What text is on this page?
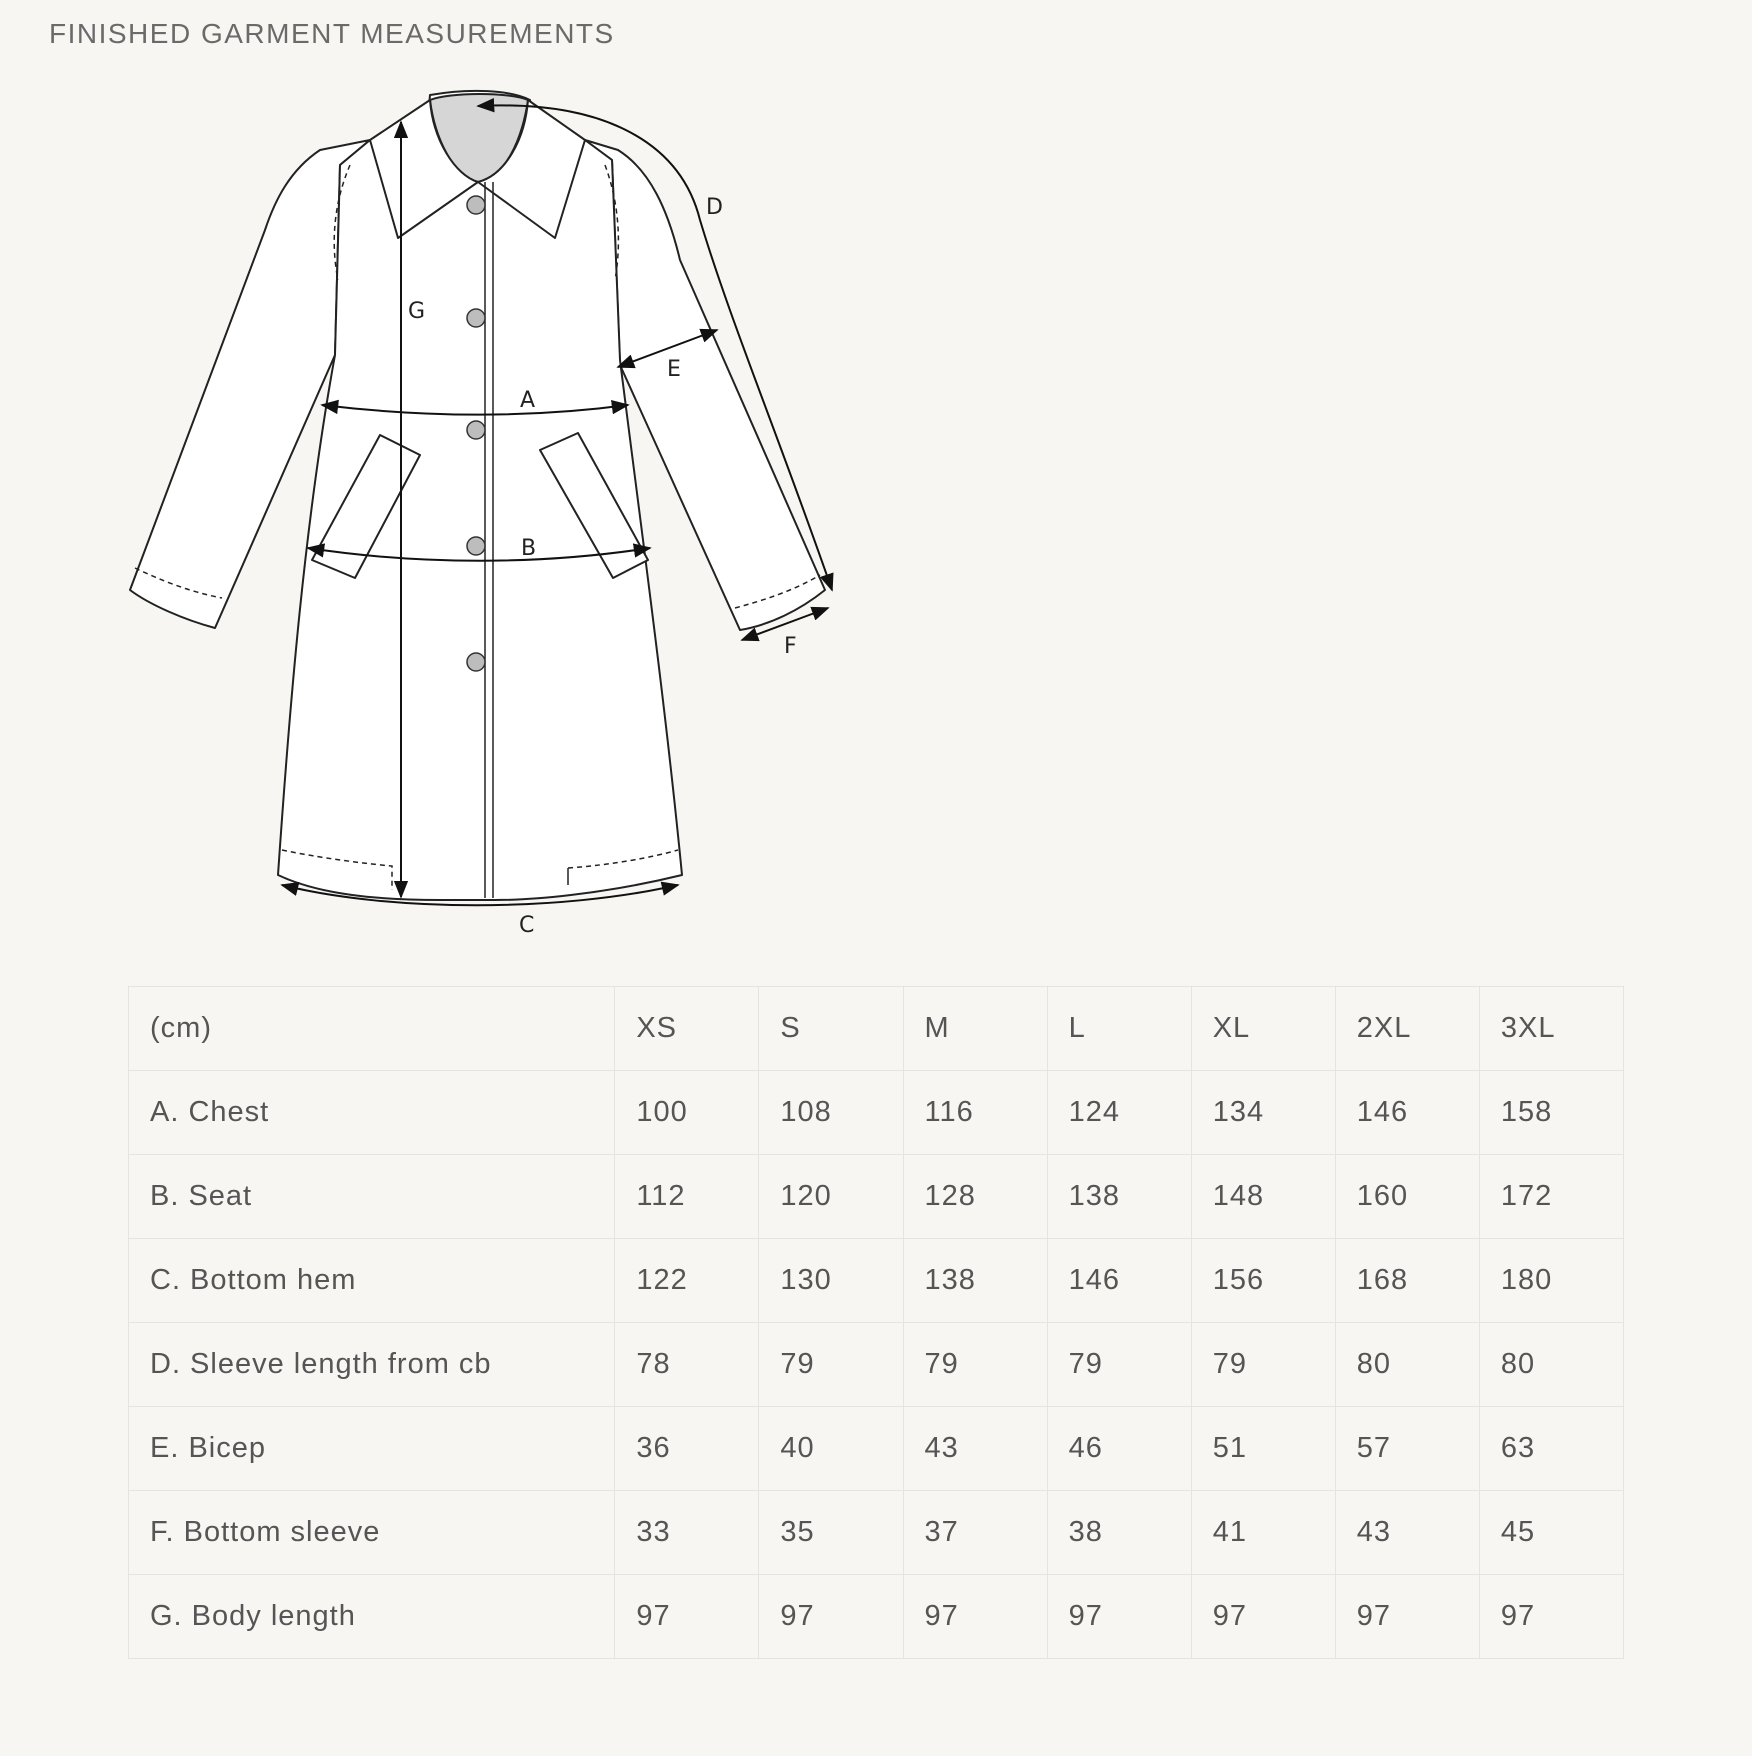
FINISHED GARMENT MEASUREMENTS
A
B
C
D
E
F
G
(cm)	XS	S	M	L	XL	2XL	3XL
A. Chest	100	108	116	124	134	146	158
B. Seat	112	120	128	138	148	160	172
C. Bottom hem	122	130	138	146	156	168	180
D. Sleeve length from cb	78	79	79	79	79	80	80
E. Bicep	36	40	43	46	51	57	63
F. Bottom sleeve	33	35	37	38	41	43	45
G. Body length	97	97	97	97	97	97	97
